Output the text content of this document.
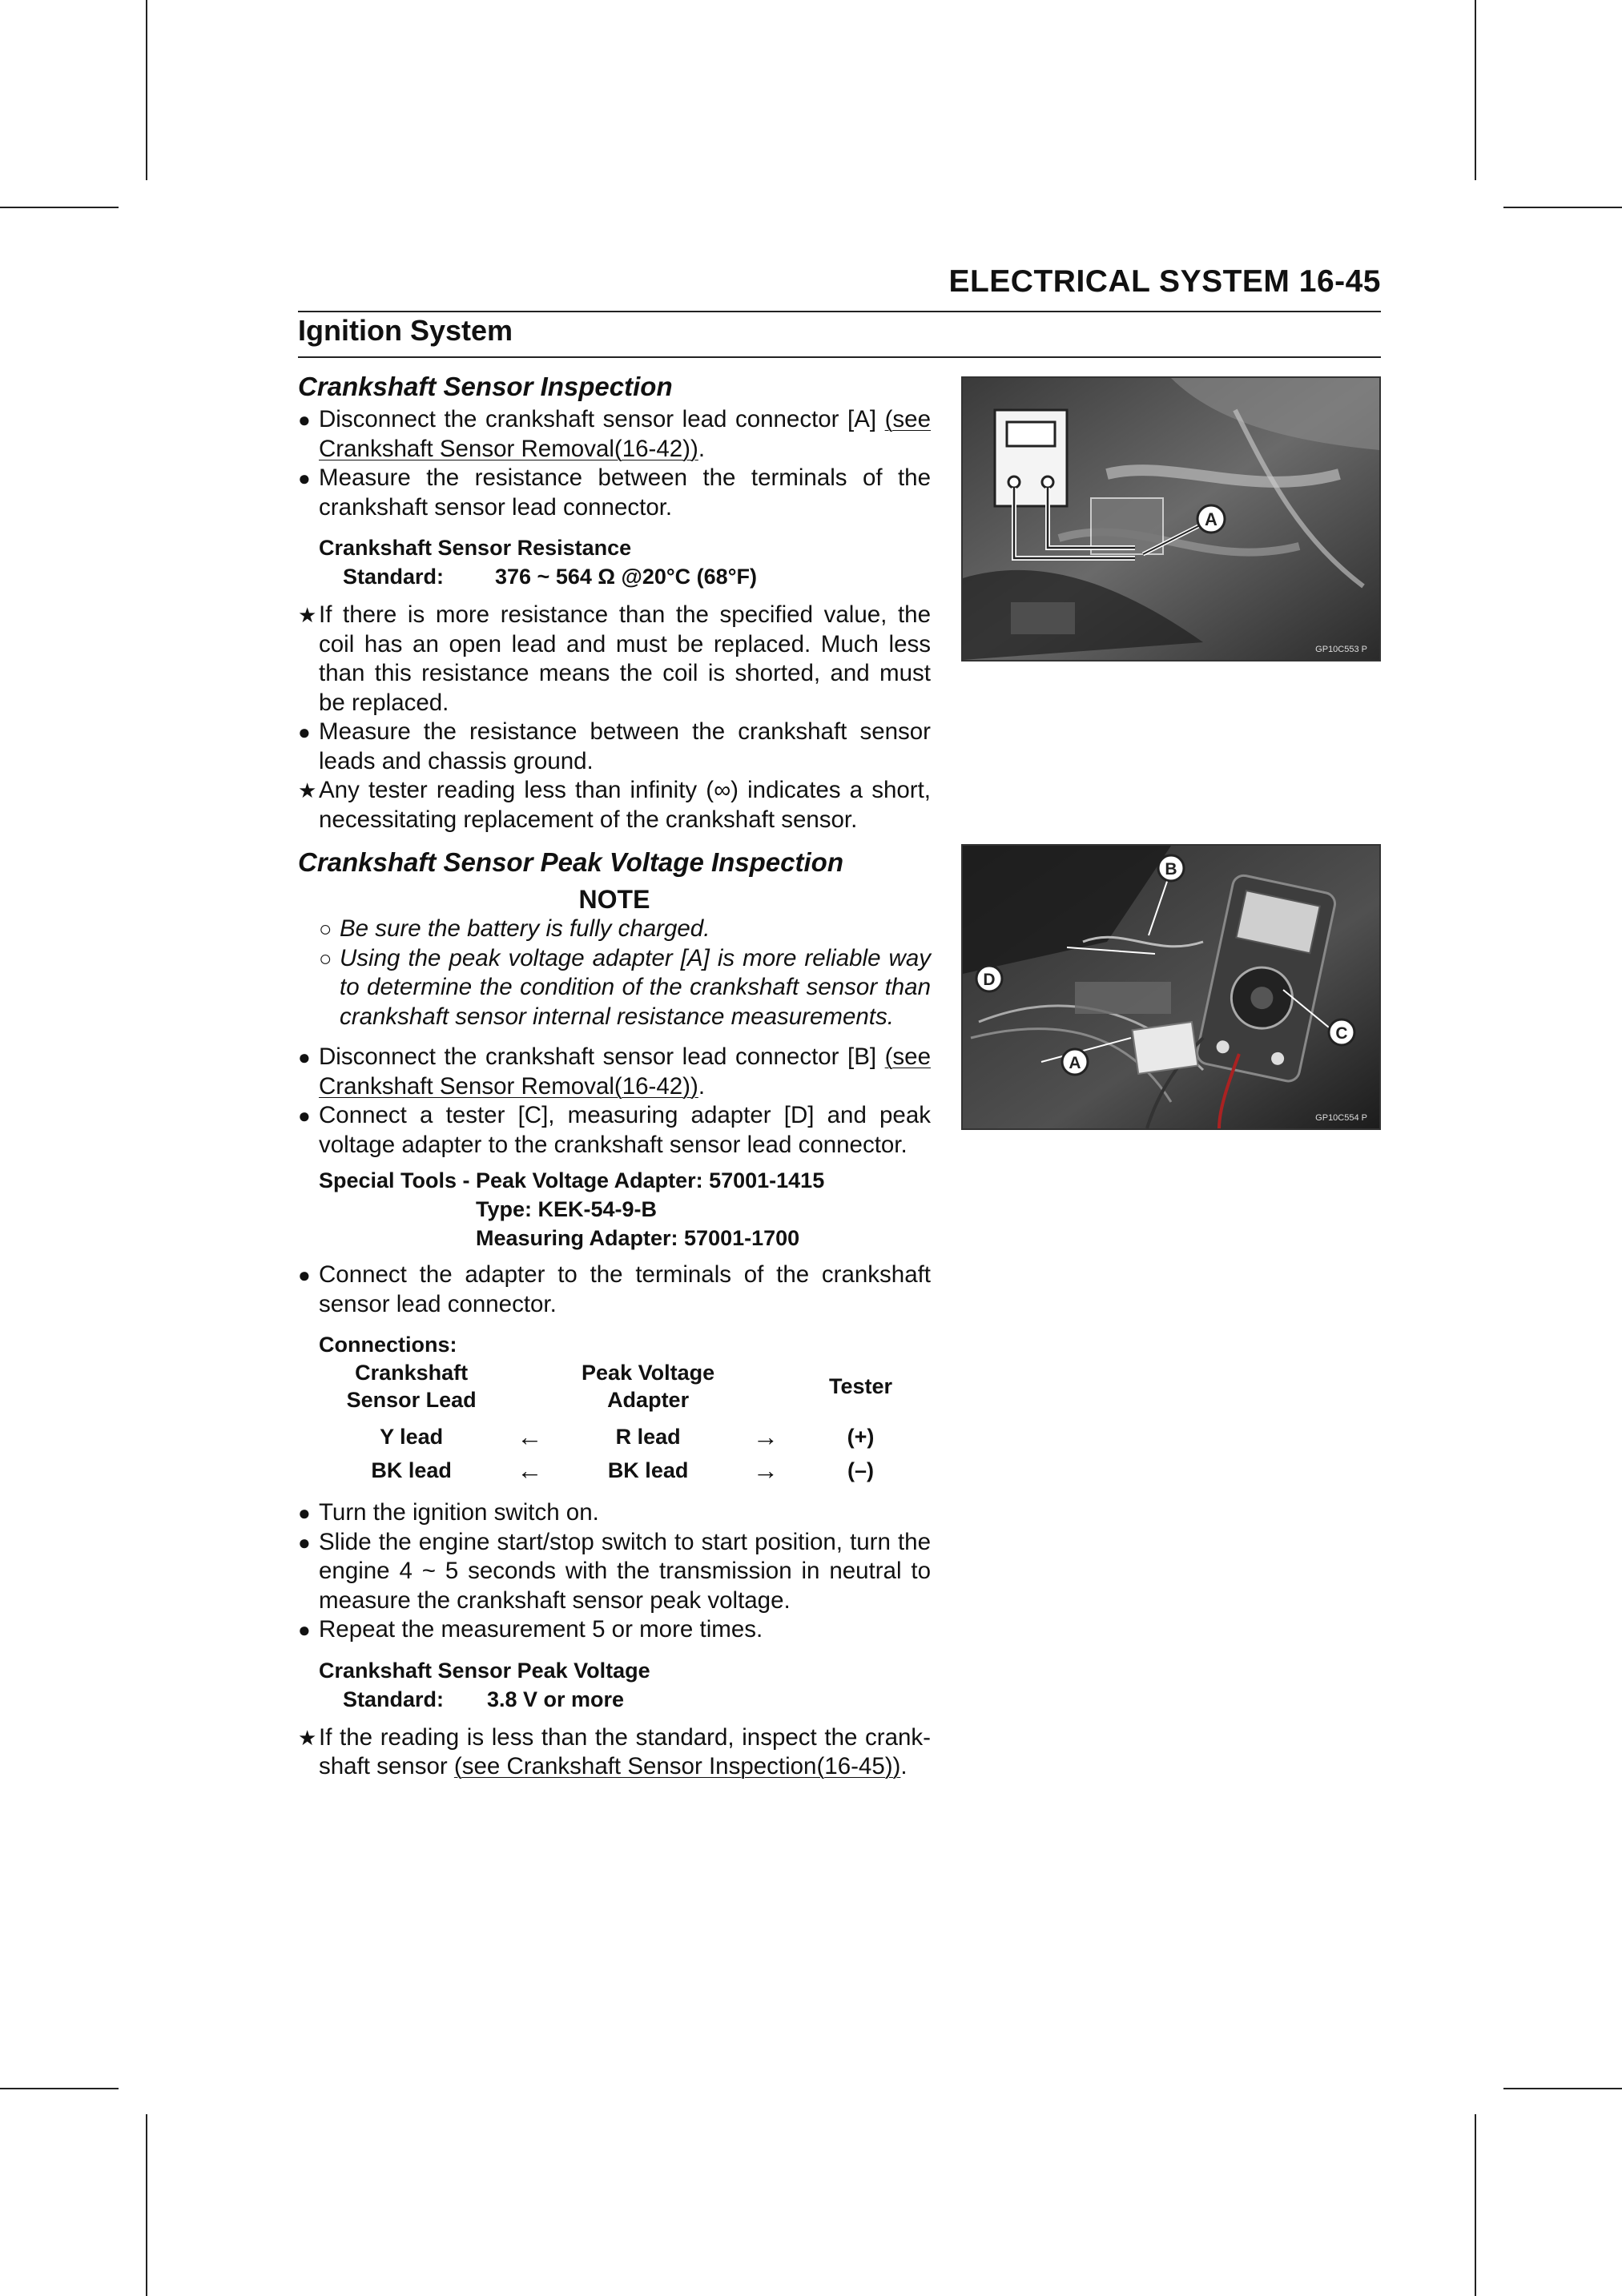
ELECTRICAL SYSTEM 16-45
Ignition System
Crankshaft Sensor Inspection
● Disconnect the crankshaft sensor lead connector [A] (see Crankshaft Sensor Removal(16-42)).
● Measure the resistance between the terminals of the crankshaft sensor lead connector.
Crankshaft Sensor Resistance
Standard:	376 ~ 564 Ω @20°C (68°F)
★ If there is more resistance than the specified value, the coil has an open lead and must be replaced. Much less than this resistance means the coil is shorted, and must be replaced.
● Measure the resistance between the crankshaft sensor leads and chassis ground.
★ Any tester reading less than infinity (∞) indicates a short, necessitating replacement of the crankshaft sensor.
Crankshaft Sensor Peak Voltage Inspection
NOTE
○ Be sure the battery is fully charged.
○ Using the peak voltage adapter [A] is more reliable way to determine the condition of the crankshaft sensor than crankshaft sensor internal resistance measurements.
● Disconnect the crankshaft sensor lead connector [B] (see Crankshaft Sensor Removal(16-42)).
● Connect a tester [C], measuring adapter [D] and peak voltage adapter to the crankshaft sensor lead connector.
Special Tools - Peak Voltage Adapter: 57001-1415
Type: KEK-54-9-B
Measuring Adapter: 57001-1700
● Connect the adapter to the terminals of the crankshaft sensor lead connector.
Connections:
Crankshaft Sensor Lead		Peak Voltage Adapter		Tester
Y lead	←	R lead	→	(+)
BK lead	←	BK lead	→	(–)
● Turn the ignition switch on.
● Slide the engine start/stop switch to start position, turn the engine 4 ~ 5 seconds with the transmission in neutral to measure the crankshaft sensor peak voltage.
● Repeat the measurement 5 or more times.
Crankshaft Sensor Peak Voltage
Standard:	3.8 V or more
★ If the reading is less than the standard, inspect the crank-shaft sensor (see Crankshaft Sensor Inspection(16-45)).
A
GP10C553 P
B
D
A
C
GP10C554 P
